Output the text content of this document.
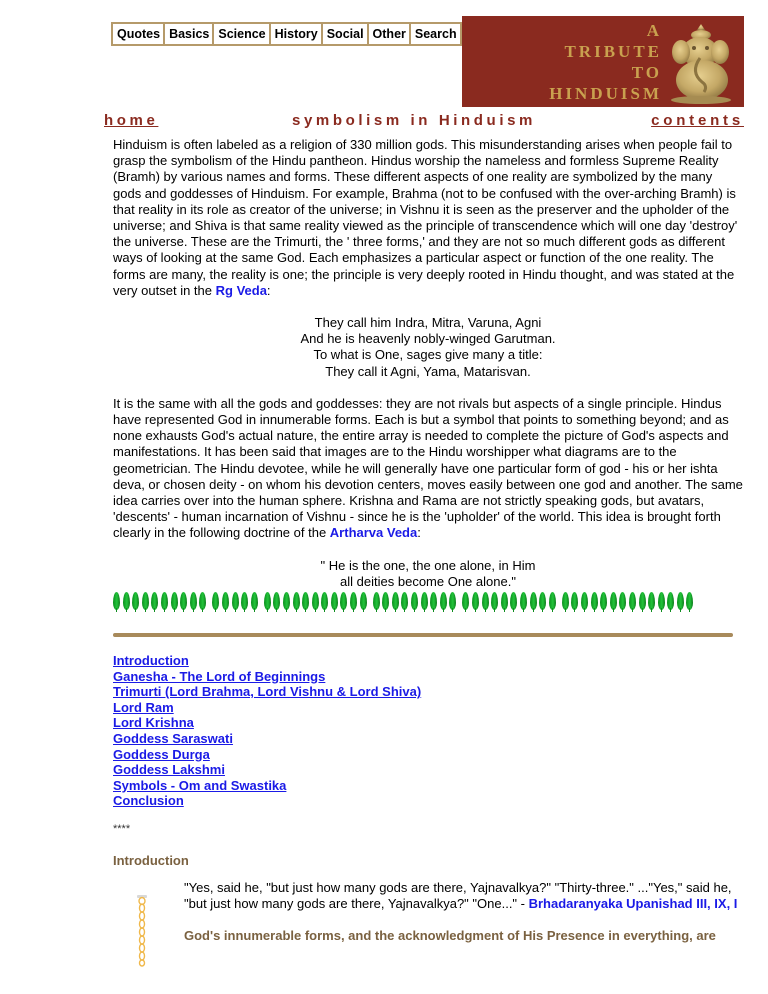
Quotes Basics Science History Social Other Search	A
TRIBUTE
TO
HINDUISM
home	symbolism in Hinduism	contents

Hinduism is often labeled as a religion of 330 million gods. This misunderstanding arises when people fail to grasp the symbolism of the Hindu pantheon. Hindus worship the nameless and formless Supreme Reality (Bramh) by various names and forms. These different aspects of one reality are symbolized by the many gods and goddesses of Hinduism. For example, Brahma (not to be confused with the over-arching Bramh) is that reality in its role as creator of the universe; in Vishnu it is seen as the preserver and the upholder of the universe; and Shiva is that same reality viewed as the principle of transcendence which will one day 'destroy' the universe. These are the Trimurti, the ' three forms,' and they are not so much different gods as different ways of looking at the same God. Each emphasizes a particular aspect or function of the one reality. The forms are many, the reality is one; the principle is very deeply rooted in Hindu thought, and was stated at the very outset in the Rg Veda:

They call him Indra, Mitra, Varuna, Agni
And he is heavenly nobly-winged Garutman.
To what is One, sages give many a title:
They call it Agni, Yama, Matarisvan.

It is the same with all the gods and goddesses: they are not rivals but aspects of a single principle. Hindus have represented God in innumerable forms. Each is but a symbol that points to something beyond; and as none exhausts God's actual nature, the entire array is needed to complete the picture of God's aspects and manifestations. It has been said that images are to the Hindu worshipper what diagrams are to the geometrician. The Hindu devotee, while he will generally have one particular form of god - his or her ishta deva, or chosen deity - on whom his devotion centers, moves easily between one god and another. The same idea carries over into the human sphere. Krishna and Rama are not strictly speaking gods, but avatars, 'descents' - human incarnation of Vishnu - since he is the 'upholder' of the world. This idea is brought forth clearly in the following doctrine of the Artharva Veda:

" He is the one, the one alone, in Him
all deities become One alone."

Introduction
Ganesha - The Lord of Beginnings
Trimurti (Lord Brahma, Lord Vishnu & Lord Shiva)
Lord Ram
Lord Krishna
Goddess Saraswati
Goddess Durga
Goddess Lakshmi
Symbols - Om and Swastika
Conclusion
****
Introduction

"Yes, said he, "but just how many gods are there, Yajnavalkya?" "Thirty-three." ..."Yes," said he, "but just how many gods are there, Yajnavalkya?" "One..." - Brhadaranyaka Upanishad III, IX, I

God's innumerable forms, and the acknowledgment of His Presence in everything, are
